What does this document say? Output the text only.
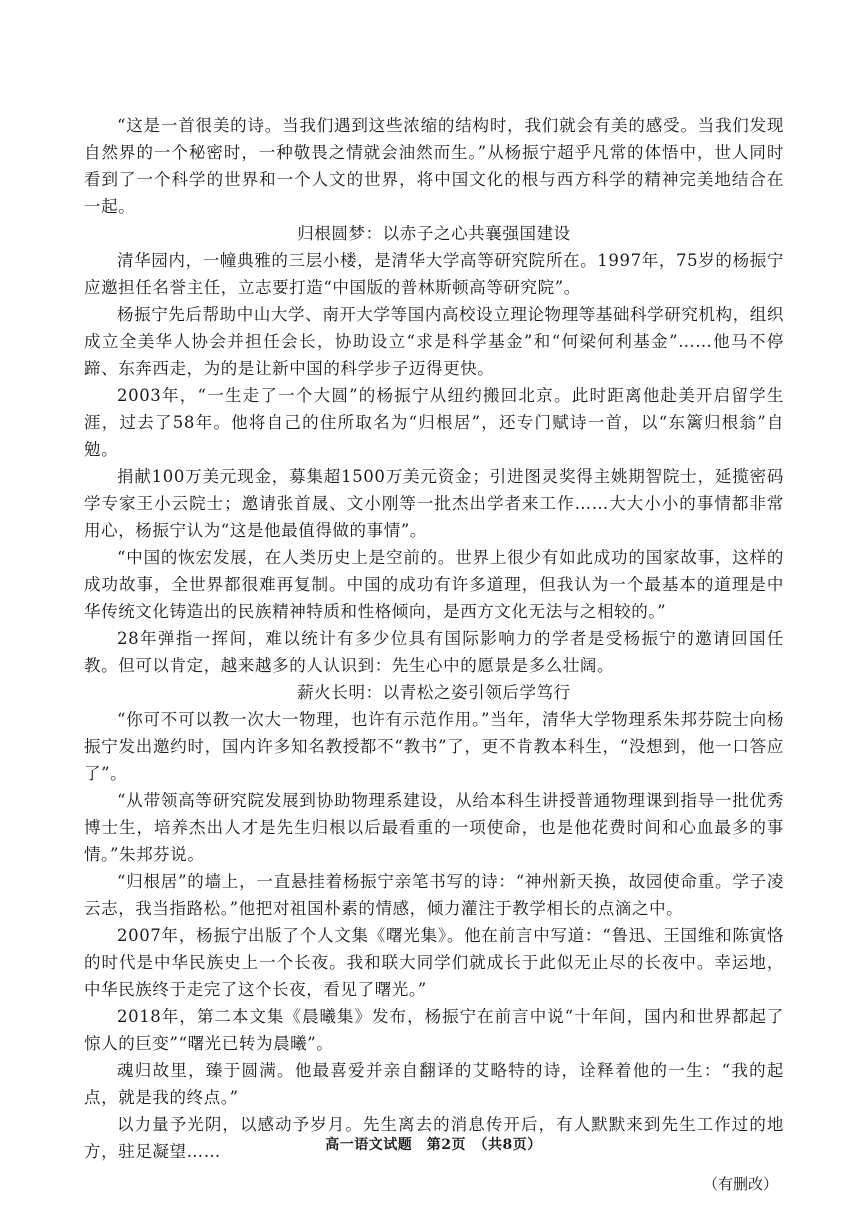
“这是一首很美的诗。当我们遇到这些浓缩的结构时，我们就会有美的感受。当我们发现自然界的一个秘密时，一种敬畏之情就会油然而生。”从杨振宁超乎凡常的体悟中，世人同时看到了一个科学的世界和一个人文的世界，将中国文化的根与西方科学的精神完美地结合在一起。

归根圆梦：以赤子之心共襄强国建设

清华园内，一幢典雅的三层小楼，是清华大学高等研究院所在。1997年，75岁的杨振宁应邀担任名誉主任，立志要打造“中国版的普林斯顿高等研究院”。

杨振宁先后帮助中山大学、南开大学等国内高校设立理论物理等基础科学研究机构，组织成立全美华人协会并担任会长，协助设立“求是科学基金”和“何梁何利基金”……他马不停蹄、东奔西走，为的是让新中国的科学步子迈得更快。

2003年，“一生走了一个大圆”的杨振宁从纽约搬回北京。此时距离他赴美开启留学生涯，过去了58年。他将自己的住所取名为“归根居”，还专门赋诗一首，以“东篱归根翁”自勉。

捐献100万美元现金，募集超1500万美元资金；引进图灵奖得主姚期智院士，延揽密码学专家王小云院士；邀请张首晟、文小刚等一批杰出学者来工作……大大小小的事情都非常用心，杨振宁认为“这是他最值得做的事情”。

“中国的恢宏发展，在人类历史上是空前的。世界上很少有如此成功的国家故事，这样的成功故事，全世界都很难再复制。中国的成功有许多道理，但我认为一个最基本的道理是中华传统文化铸造出的民族精神特质和性格倾向，是西方文化无法与之相较的。”

28年弹指一挥间，难以统计有多少位具有国际影响力的学者是受杨振宁的邀请回国任教。但可以肯定，越来越多的人认识到：先生心中的愿景是多么壮阔。

薪火长明：以青松之姿引领后学笃行

“你可不可以教一次大一物理，也许有示范作用。”当年，清华大学物理系朱邦芬院士向杨振宁发出邀约时，国内许多知名教授都不“教书”了，更不肯教本科生，“没想到，他一口答应了”。

“从带领高等研究院发展到协助物理系建设，从给本科生讲授普通物理课到指导一批优秀博士生，培养杰出人才是先生归根以后最看重的一项使命，也是他花费时间和心血最多的事情。”朱邦芬说。

“归根居”的墙上，一直悬挂着杨振宁亲笔书写的诗：“神州新天换，故园使命重。学子凌云志，我当指路松。”他把对祖国朴素的情感，倾力灌注于教学相长的点滴之中。

2007年，杨振宁出版了个人文集《曙光集》。他在前言中写道：“鲁迅、王国维和陈寅恪的时代是中华民族史上一个长夜。我和联大同学们就成长于此似无止尽的长夜中。幸运地，中华民族终于走完了这个长夜，看见了曙光。”

2018年，第二本文集《晨曦集》发布，杨振宁在前言中说“十年间，国内和世界都起了惊人的巨变”“曙光已转为晨曦”。

魂归故里，臻于圆满。他最喜爱并亲自翻译的艾略特的诗，诠释着他的一生：“我的起点，就是我的终点。”

以力量予光阴，以感动予岁月。先生离去的消息传开后，有人默默来到先生工作过的地方，驻足凝望……

（有删改）

高一语文试题　第2页　（共8页）
